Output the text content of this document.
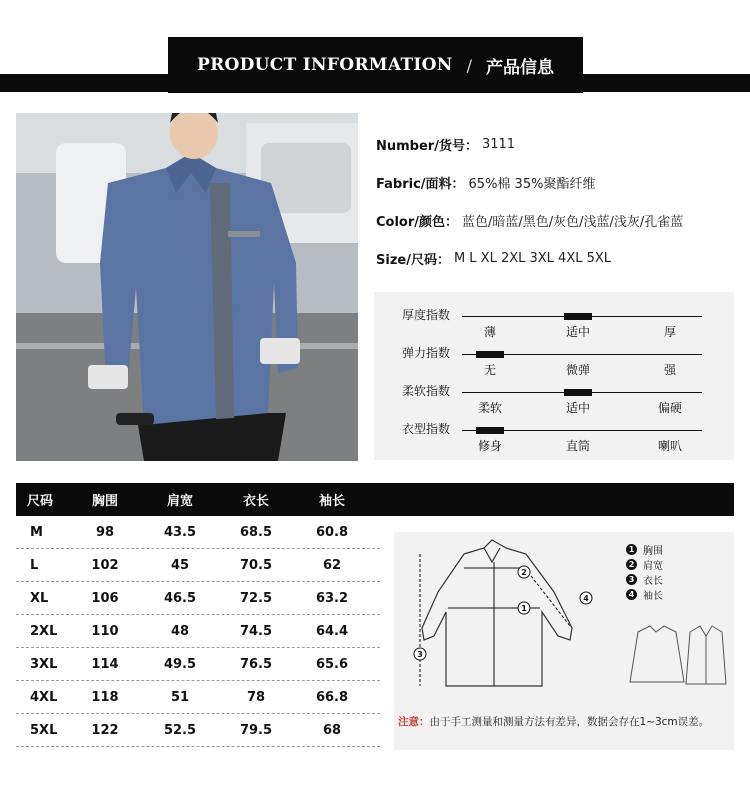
PRODUCT INFORMATION / 产品信息
Number/货号： 3111
Fabric/面料： 65%棉 35%聚酯纤维
Color/颜色： 蓝色/暗蓝/黑色/灰色/浅蓝/浅灰/孔雀蓝
Size/尺码： M L XL 2XL 3XL 4XL 5XL
厚度指数
薄	适中	厚
弹力指数
无	微弹	强
柔软指数
柔软	适中	偏硬
衣型指数
修身	直筒	喇叭
尺码	胸围	肩宽	衣长	袖长
M	98	43.5	68.5	60.8
L	102	45	70.5	62
XL	106	46.5	72.5	63.2
2XL	110	48	74.5	64.4
3XL	114	49.5	76.5	65.6
4XL	118	51	78	66.8
5XL	122	52.5	79.5	68
1
2
3
4
1 胸围
2 肩宽
3 衣长
4 袖长
注意：由于手工测量和测量方法有差异，数据会存在1~3cm误差。
